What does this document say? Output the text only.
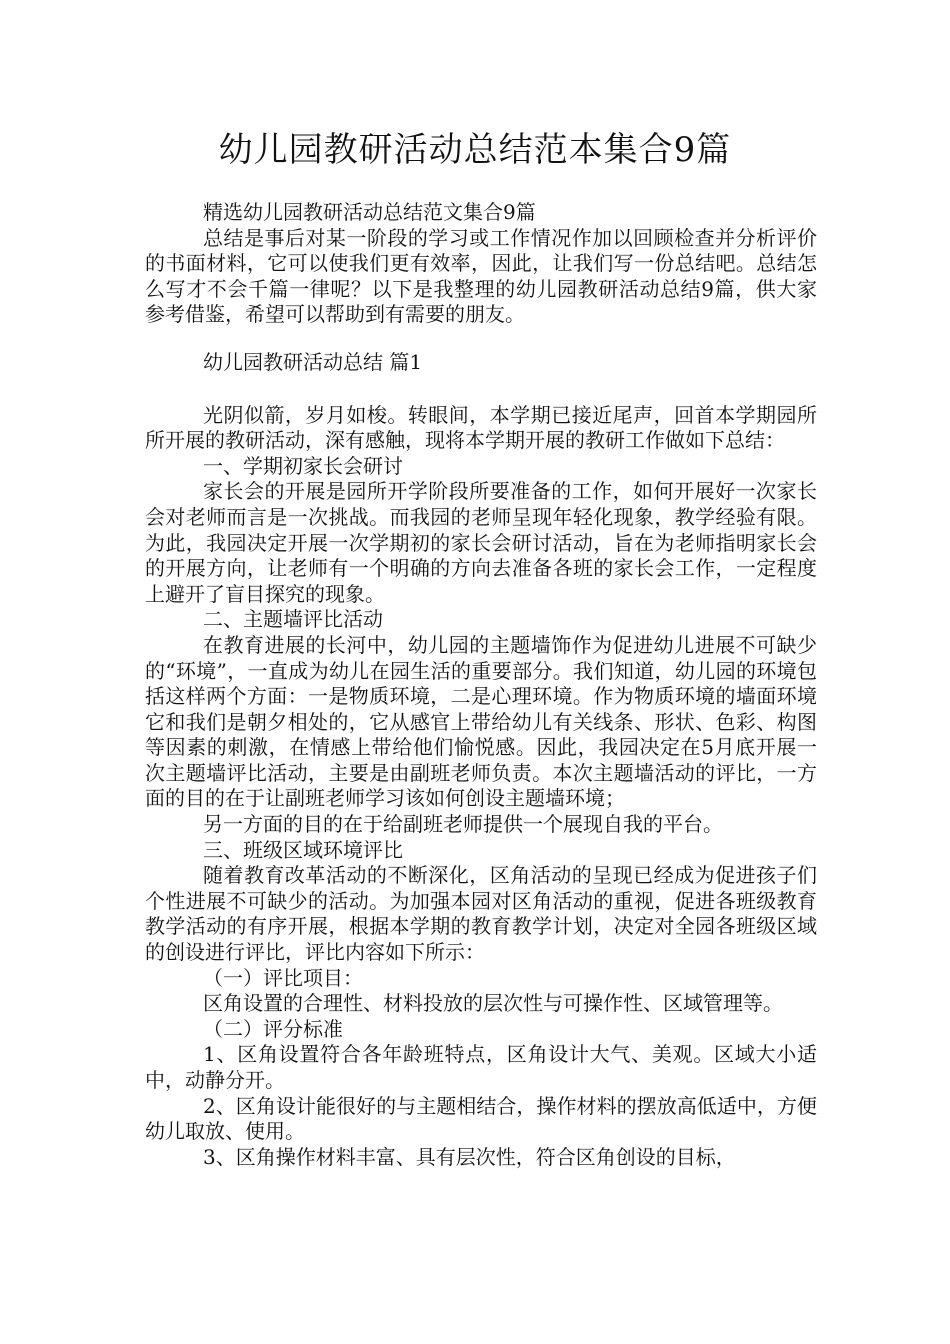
幼儿园教研活动总结范本集合9篇

精选幼儿园教研活动总结范文集合9篇

总结是事后对某一阶段的学习或工作情况作加以回顾检查并分析评价的书面材料，它可以使我们更有效率，因此，让我们写一份总结吧。总结怎么写才不会千篇一律呢？以下是我整理的幼儿园教研活动总结9篇，供大家参考借鉴，希望可以帮助到有需要的朋友。

幼儿园教研活动总结 篇1

光阴似箭，岁月如梭。转眼间，本学期已接近尾声，回首本学期园所所开展的教研活动，深有感触，现将本学期开展的教研工作做如下总结：

一、学期初家长会研讨

家长会的开展是园所开学阶段所要准备的工作，如何开展好一次家长会对老师而言是一次挑战。而我园的老师呈现年轻化现象，教学经验有限。为此，我园决定开展一次学期初的家长会研讨活动，旨在为老师指明家长会的开展方向，让老师有一个明确的方向去准备各班的家长会工作，一定程度上避开了盲目探究的现象。

二、主题墙评比活动

在教育进展的长河中，幼儿园的主题墙饰作为促进幼儿进展不可缺少的“环境”，一直成为幼儿在园生活的重要部分。我们知道，幼儿园的环境包括这样两个方面：一是物质环境，二是心理环境。作为物质环境的墙面环境它和我们是朝夕相处的，它从感官上带给幼儿有关线条、形状、色彩、构图等因素的刺激，在情感上带给他们愉悦感。因此，我园决定在5月底开展一次主题墙评比活动，主要是由副班老师负责。本次主题墙活动的评比，一方面的目的在于让副班老师学习该如何创设主题墙环境；

另一方面的目的在于给副班老师提供一个展现自我的平台。

三、班级区域环境评比

随着教育改革活动的不断深化，区角活动的呈现已经成为促进孩子们个性进展不可缺少的活动。为加强本园对区角活动的重视，促进各班级教育教学活动的有序开展，根据本学期的教育教学计划，决定对全园各班级区域的创设进行评比，评比内容如下所示：

（一）评比项目：

区角设置的合理性、材料投放的层次性与可操作性、区域管理等。

（二）评分标准

1、区角设置符合各年龄班特点，区角设计大气、美观。区域大小适中，动静分开。

2、区角设计能很好的与主题相结合，操作材料的摆放高低适中，方便幼儿取放、使用。

3、区角操作材料丰富、具有层次性，符合区角创设的目标，
